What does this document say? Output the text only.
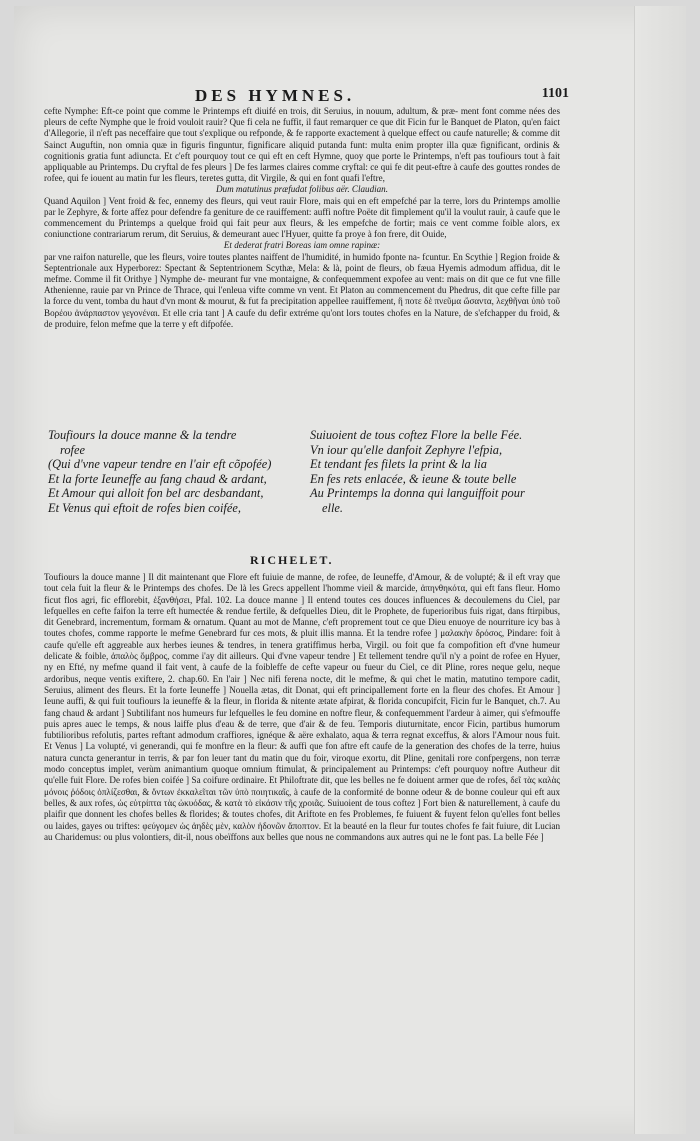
DES HYMNES.	1101

cefte Nymphe: Eft-ce point que comme le Printemps eft diuifé en trois, dit Seruius, in nouum, adultum, & præ- ment font comme nées des pleurs de cefte Nymphe que le froid vouloit rauir? Que fi cela ne fuffit, il faut remarquer ce que dit Ficin fur le Banquet de Platon, qu'en faict d'Allegorie, il n'eft pas neceffaire que tout s'explique ou refponde, & fe rapporte exactement à quelque effect ou caufe naturelle; & comme dit Sainct Auguftin, non omnia quæ in figuris finguntur, fignificare aliquid putanda funt: multa enim propter illa quæ fignificant, ordinis & cognitionis gratia funt adiuncta. Et c'eft pourquoy tout ce qui eft en ceft Hymne, quoy que porte le Printemps, n'eft pas toufiours tout à fait appliquable au Printemps. Du cryftal de fes pleurs ] De fes larmes claires comme cryftal: ce qui fe dit peut-eftre à caufe des gouttes rondes de rofee, qui fe iouent au matin fur les fleurs, teretes gutta, dit Virgile, & qui en font quafi l'eftre,

Dum matutinus præfudat folibus aër. Claudian.

Quand Aquilon ] Vent froid & fec, ennemy des fleurs, qui veut rauir Flore, mais qui en eft empefché par la terre, lors du Printemps amollie par le Zephyre, & forte affez pour defendre fa geniture de ce rauiffement: auffi noftre Poëte dit fimplement qu'il la voulut rauir, à caufe que le commencement du Printemps a quelque froid qui fait peur aux fleurs, & les empefche de fortir; mais ce vent comme foible alors, ex coniunctione contrariarum rerum, dit Seruius, & demeurant auec l'Hyuer, quitte fa proye à fon frere, dit Ouide,

Et dederat fratri Boreas iam omne rapinæ:

par vne raifon naturelle, que les fleurs, voire toutes plantes naiffent de l'humidité, in humido fponte na- fcuntur. En Scythie ] Region froide & Septentrionale aux Hyperborez: Spectant & Septentrionem Scythæ, Mela: & là, point de fleurs, ob fæua Hyemis admodum affidua, dit le mefme. Comme il fit Orithye ] Nymphe de- meurant fur vne montaigne, & confequemment expofee au vent: mais on dit que ce fut vne fille Athenienne, rauie par vn Prince de Thrace, qui l'enleua vifte comme vn vent. Et Platon au commencement du Phedrus, dit que cefte fille par la force du vent, tomba du haut d'vn mont & mourut, & fut fa precipitation appellee rauiffement, ἣ ποτε δὲ πνεῦμα ὤσαντα, λεχθῆναι ὑπὸ τοῦ Βορέου ἀνάρπαστον γεγονέναι. Et elle cria tant ] A caufe du defir extréme qu'ont lors toutes chofes en la Nature, de s'efchapper du froid, & de produire, felon mefme que la terre y eft difpofée.

Toufiours la douce manne & la tendre
rofee
(Qui d'vne vapeur tendre en l'air eft cõpofée)
Et la forte Ieuneffe au fang chaud & ardant,
Et Amour qui alloit fon bel arc desbandant,
Et Venus qui eftoit de rofes bien coifée,
Suiuoient de tous coftez Flore la belle Fée.
Vn iour qu'elle danfoit Zephyre l'efpia,
Et tendant fes filets la print & la lia
En fes rets enlacée, & ieune & toute belle
Au Printemps la donna qui languiffoit pour
elle.
RICHELET.

Toufiours la douce manne ] Il dit maintenant que Flore eft fuiuie de manne, de rofee, de Ieuneffe, d'Amour, & de volupté; & il eft vray que tout cela fuit la fleur & le Printemps des chofes. De là les Grecs appellent l'homme vieil & marcide, ἀπηνθηκότα, qui eft fans fleur. Homo ficut flos agri, fic efflorebit, ἐξανθήσει, Pfal. 102. La douce manne ] Il entend toutes ces douces influences & decoulemens du Ciel, par lefquelles en cefte faifon la terre eft humectée & rendue fertile, & defquelles Dieu, dit le Prophete, de fuperioribus fuis rigat, dans ftirpibus, dit Genebrard, incrementum, formam & ornatum. Quant au mot de Manne, c'eft proprement tout ce que Dieu enuoye de nourriture icy bas à toutes chofes, comme rapporte le mefme Genebrard fur ces mots, & pluit illis manna. Et la tendre rofee ] μαλακὴν δρόσος, Pindare: foit à caufe qu'elle eft aggreable aux herbes ieunes & tendres, in tenera gratiffimus herba, Virgil. ou foit que fa compofition eft d'vne humeur delicate & foible, ἁπαλὸς ὄμβρος, comme i'ay dit ailleurs. Qui d'vne vapeur tendre ] Et tellement tendre qu'il n'y a point de rofee en Hyuer, ny en Efté, ny mefme quand il fait vent, à caufe de la foibleffe de cefte vapeur ou fueur du Ciel, ce dit Pline, rores neque gelu, neque ardoribus, neque ventis exiftere, 2. chap.60. En l'air ] Nec nifi ferena nocte, dit le mefme, & qui chet le matin, matutino tempore cadit, Seruius, aliment des fleurs. Et la forte Ieuneffe ] Nouella ætas, dit Donat, qui eft principallement forte en la fleur des chofes. Et Amour ] Ieune auffi, & qui fuit toufiours la ieuneffe & la fleur, in florida & nitente ætate afpirat, & florida concupifcit, Ficin fur le Banquet, ch.7. Au fang chaud & ardant ] Subtilifant nos humeurs fur lefquelles le feu domine en noftre fleur, & confequemment l'ardeur à aimer, qui s'efmouffe puis apres auec le temps, & nous laiffe plus d'eau & de terre, que d'air & de feu. Temporis diuturnitate, encor Ficin, partibus humorum fubtilioribus refolutis, partes reftant admodum craffiores, ignéque & aëre exhalato, aqua & terra regnat exceffus, & alors l'Amour nous fuit. Et Venus ] La volupté, vi generandi, qui fe monftre en la fleur: & auffi que fon aftre eft caufe de la generation des chofes de la terre, huius natura cuncta generantur in terris, & par fon leuer tant du matin que du foir, viroque exortu, dit Pline, genitali rore confpergens, non terræ modo conceptus implet, verùm animantium quoque omnium ftimulat, & principalement au Printemps: c'eft pourquoy noftre Autheur dit qu'elle fuit Flore. De rofes bien coifée ] Sa coifure ordinaire. Et Philoftrate dit, que les belles ne fe doiuent armer que de rofes, δεῖ τὰς καλὰς μόνοις ῥόδοις ὁπλίζεσθαι, & ὄντων ἐκκαλεῖται τῶν ὑπὸ ποιητικαῖς, à caufe de la conformité de bonne odeur & de bonne couleur qui eft aux belles, & aux rofes, ὡς εὐτρίπτα τὰς ὠκυόδας, & κατὰ τὸ εἰκάσιν τῆς χροιᾶς. Suiuoient de tous coftez ] Fort bien & naturellement, à caufe du plaifir que donnent les chofes belles & florides; & toutes chofes, dit Ariftote en fes Problemes, fe fuiuent & fuyent felon qu'elles font belles ou laides, gayes ou triftes: φεύγομεν ὡς ἀηδὲς μὲν, καλὸν ἡδονῶν ἄποπτον. Et la beauté en la fleur fur toutes chofes fe fait fuiure, dit Lucian au Charidemus: ou plus volontiers, dit-il, nous obeïffons aux belles que nous ne commandons aux autres qui ne le font pas. La belle Fée ]
